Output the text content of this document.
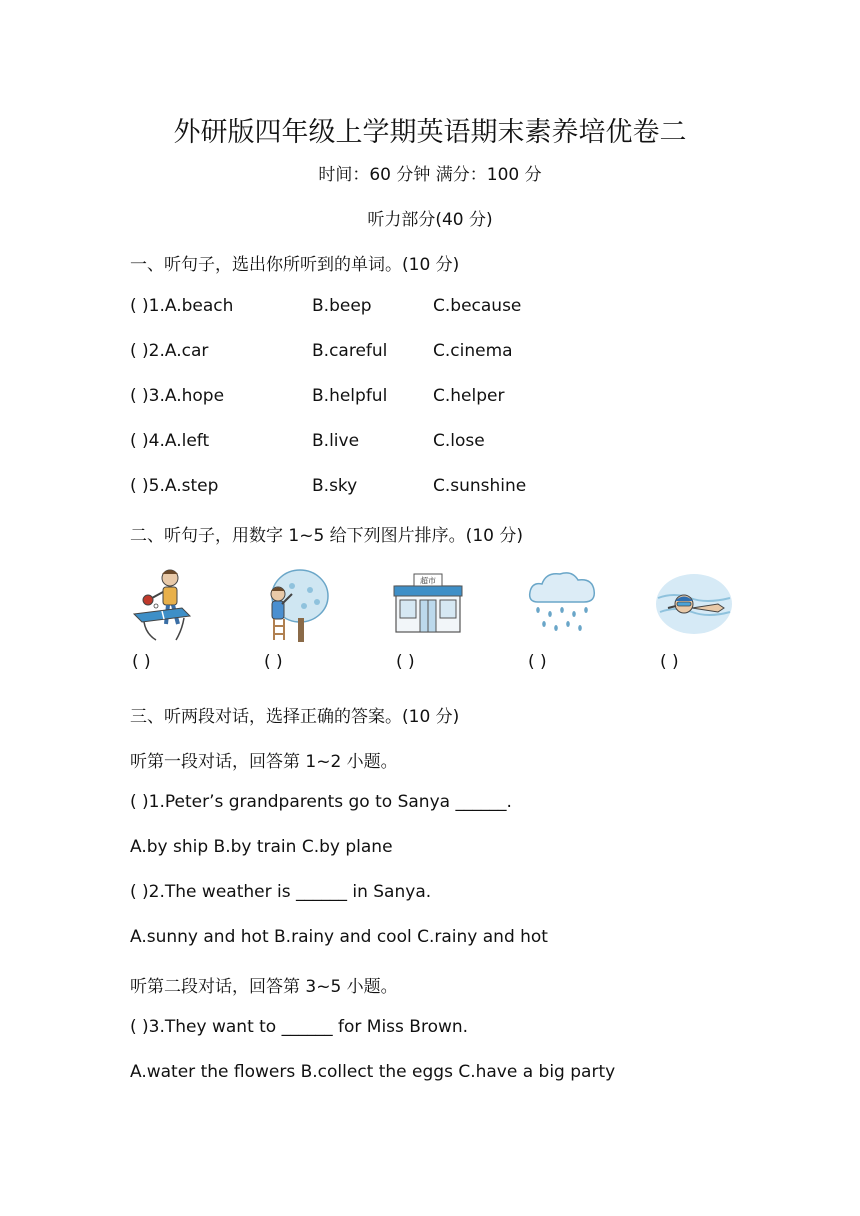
外研版四年级上学期英语期末素养培优卷二
时间：60 分钟 满分：100 分
听力部分(40 分)
一、听句子，选出你所听到的单词。(10 分)
( )1.A.beach	B.beep	C.because
( )2.A.car	B.careful	C.cinema
( )3.A.hope	B.helpful	C.helper
( )4.A.left	B.live	C.lose
( )5.A.step	B.sky	C.sunshine
二、听句子，用数字 1~5 给下列图片排序。(10 分)
( )	( )
超市
( )	( )	( )
三、听两段对话，选择正确的答案。(10 分)
听第一段对话，回答第 1~2 小题。
( )1.Peter’s grandparents go to Sanya ______.
A.by ship B.by train C.by plane
( )2.The weather is ______ in Sanya.
A.sunny and hot B.rainy and cool C.rainy and hot
听第二段对话，回答第 3~5 小题。
( )3.They want to ______ for Miss Brown.
A.water the flowers B.collect the eggs C.have a big party
